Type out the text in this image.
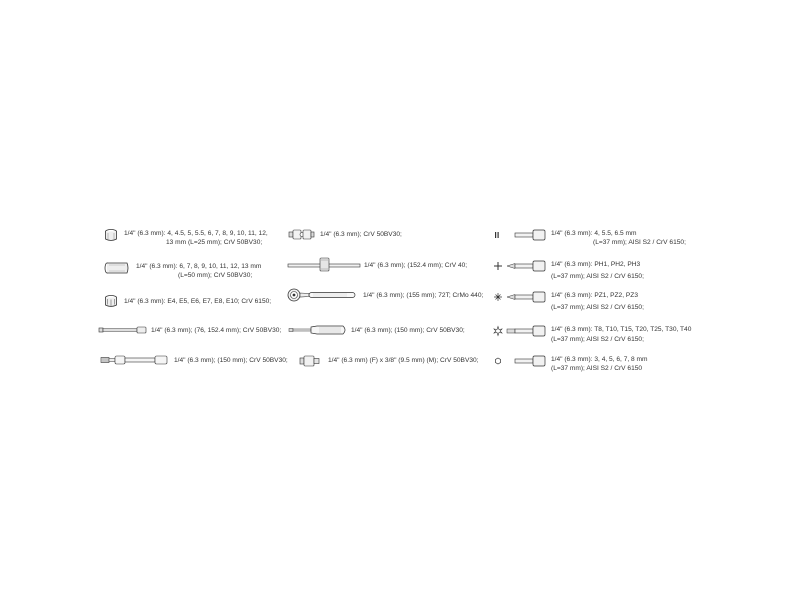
1/4" (6.3 mm): 4, 4.5, 5, 5.5, 6, 7, 8, 9, 10, 11, 12,
13 mm (L=25 mm); CrV 50BV30;
1/4" (6.3 mm): 6, 7, 8, 9, 10, 11, 12, 13 mm
(L=50 mm); CrV 50BV30;
1/4" (6.3 mm): E4, E5, E6, E7, E8, E10; CrV 6150;
1/4" (6.3 mm); (76, 152.4 mm); CrV 50BV30;
1/4" (6.3 mm); (150 mm); CrV 50BV30;
1/4" (6.3 mm); CrV 50BV30;
1/4" (6.3 mm); (152.4 mm); CrV 40;
1/4" (6.3 mm); (155 mm); 72T; CrMo 440;
1/4" (6.3 mm); (150 mm); CrV 50BV30;
1/4" (6.3 mm) (F) x 3/8" (9.5 mm) (M); CrV 50BV30;
1/4" (6.3 mm): 4, 5.5, 6.5 mm
(L=37 mm); AISI S2 / CrV 6150;
1/4" (6.3 mm): PH1, PH2, PH3
(L=37 mm); AISI S2 / CrV 6150;
1/4" (6.3 mm): PZ1, PZ2, PZ3
(L=37 mm); AISI S2 / CrV 6150;
1/4" (6.3 mm): T8, T10, T15, T20, T25, T30, T40
(L=37 mm); AISI S2 / CrV 6150;
1/4" (6.3 mm): 3, 4, 5, 6, 7, 8 mm
(L=37 mm); AISI S2 / CrV 6150
